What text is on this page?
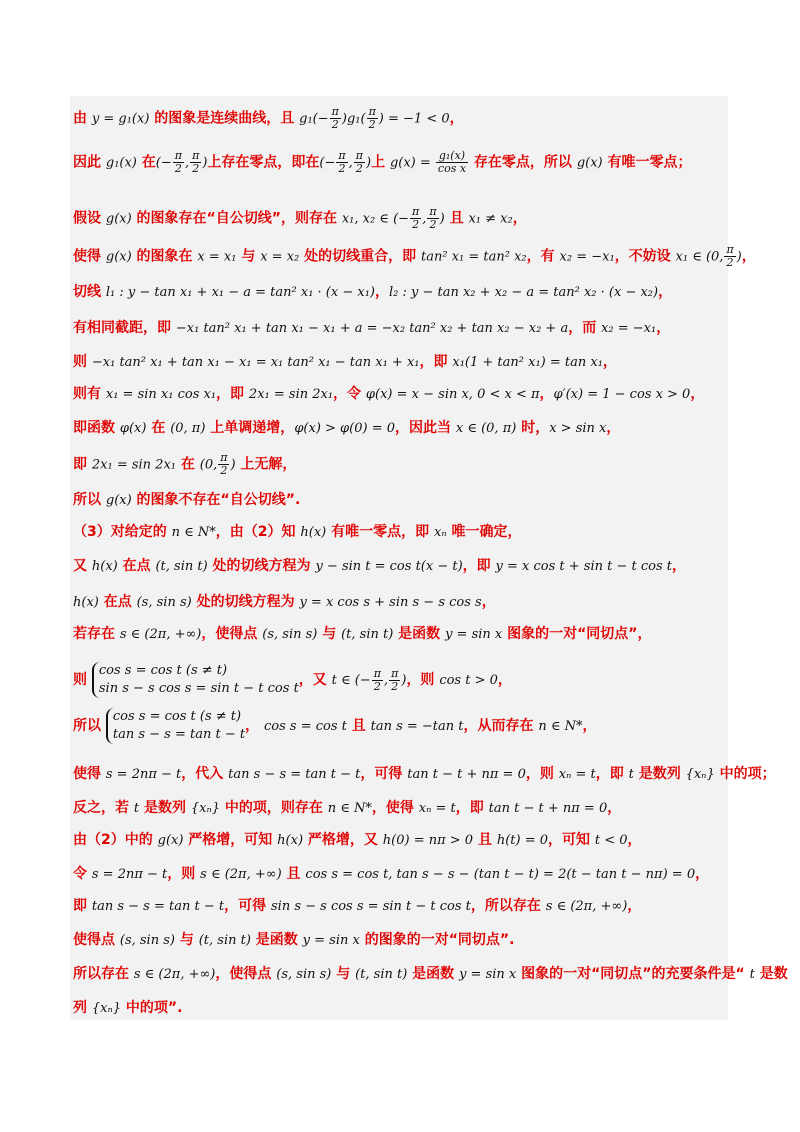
由 y = g₁(x) 的图象是连续曲线，且 $g_1(- \frac{\pi}{2} )g_1( \frac{\pi}{2}$ ) = −1 < 0，
因此 g₁(x) 在(− $\frac{\pi}{2}$ , $\frac{\pi}{2}$ )上存在零点，即在(− $\frac{\pi}{2}$ , $\frac{\pi}{2}$ )上 $g(x) = \frac{\text{g₁(x)}}{\text{cos x}}$ 存在零点，所以 g(x) 有唯一零点；
假设 g(x) 的图象存在“自公切线”，则存在 x₁, x₂ ∈ (− $\frac{\pi}{2}$ , $\frac{\pi}{2}$ ) 且 x₁ ≠ x₂，
使得 g(x) 的图象在 x = x₁ 与 x = x₂ 处的切线重合，即 tan² x₁ = tan² x₂，有 x₂ = −x₁，不妨设 x₁ ∈ (0, $\frac{\pi}{2}$ )，
切线 l₁ : y − tan x₁ + x₁ − a = tan² x₁ · (x − x₁)，l₂ : y − tan x₂ + x₂ − a = tan² x₂ · (x − x₂)，
有相同截距，即 −x₁ tan² x₁ + tan x₁ − x₁ + a = −x₂ tan² x₂ + tan x₂ − x₂ + a，而 x₂ = −x₁，
则 −x₁ tan² x₁ + tan x₁ − x₁ = x₁ tan² x₁ − tan x₁ + x₁，即 x₁(1 + tan² x₁) = tan x₁，
则有 x₁ = sin x₁ cos x₁，即 2x₁ = sin 2x₁，令 φ(x) = x − sin x, 0 < x < π，φ′(x) = 1 − cos x > 0，
即函数 φ(x) 在 (0, π) 上单调递增，φ(x) > φ(0) = 0，因此当 x ∈ (0, π) 时，x > sin x，
即 2x₁ = sin 2x₁ 在 (0, $\frac{\pi}{2}$ ) 上无解，
所以 g(x) 的图象不存在“自公切线”.
（3）对给定的 n ∈ N*，由（2）知 h(x) 有唯一零点，即 xₙ 唯一确定，
又 h(x) 在点 (t, sin t) 处的切线方程为 y − sin t = cos t(x − t)，即 y = x cos t + sin t − t cos t，
h(x) 在点 (s, sin s) 处的切线方程为 y = x cos s + sin s − s cos s，
若存在 s ∈ (2π, +∞)，使得点 (s, sin s) 与 (t, sin t) 是函数 y = sin x 图象的一对“同切点”，
则
cos s = cos t (s ≠ t)
sin s − s cos s = sin t − t cos t
，又 t ∈ (− $\frac{\pi}{2}$ , $\frac{\pi}{2}$ )，则 cos t > 0，
所以
cos s = cos t (s ≠ t)
tan s − s = tan t − t
， cos s = cos t 且 tan s = −tan t，从而存在 n ∈ N*，
使得 s = 2nπ − t，代入 tan s − s = tan t − t，可得 tan t − t + nπ = 0，则 xₙ = t，即 t 是数列 {xₙ} 中的项；
反之，若 t 是数列 {xₙ} 中的项，则存在 n ∈ N*，使得 xₙ = t，即 tan t − t + nπ = 0，
由（2）中的 g(x) 严格增，可知 h(x) 严格增，又 h(0) = nπ > 0 且 h(t) = 0，可知 t < 0，
令 s = 2nπ − t，则 s ∈ (2π, +∞) 且 cos s = cos t, tan s − s − (tan t − t) = 2(t − tan t − nπ) = 0，
即 tan s − s = tan t − t，可得 sin s − s cos s = sin t − t cos t，所以存在 s ∈ (2π, +∞)，
使得点 (s, sin s) 与 (t, sin t) 是函数 y = sin x 的图象的一对“同切点”.
所以存在 s ∈ (2π, +∞)，使得点 (s, sin s) 与 (t, sin t) 是函数 y = sin x 图象的一对“同切点”的充要条件是“ t 是数
列 {xₙ} 中的项”.
